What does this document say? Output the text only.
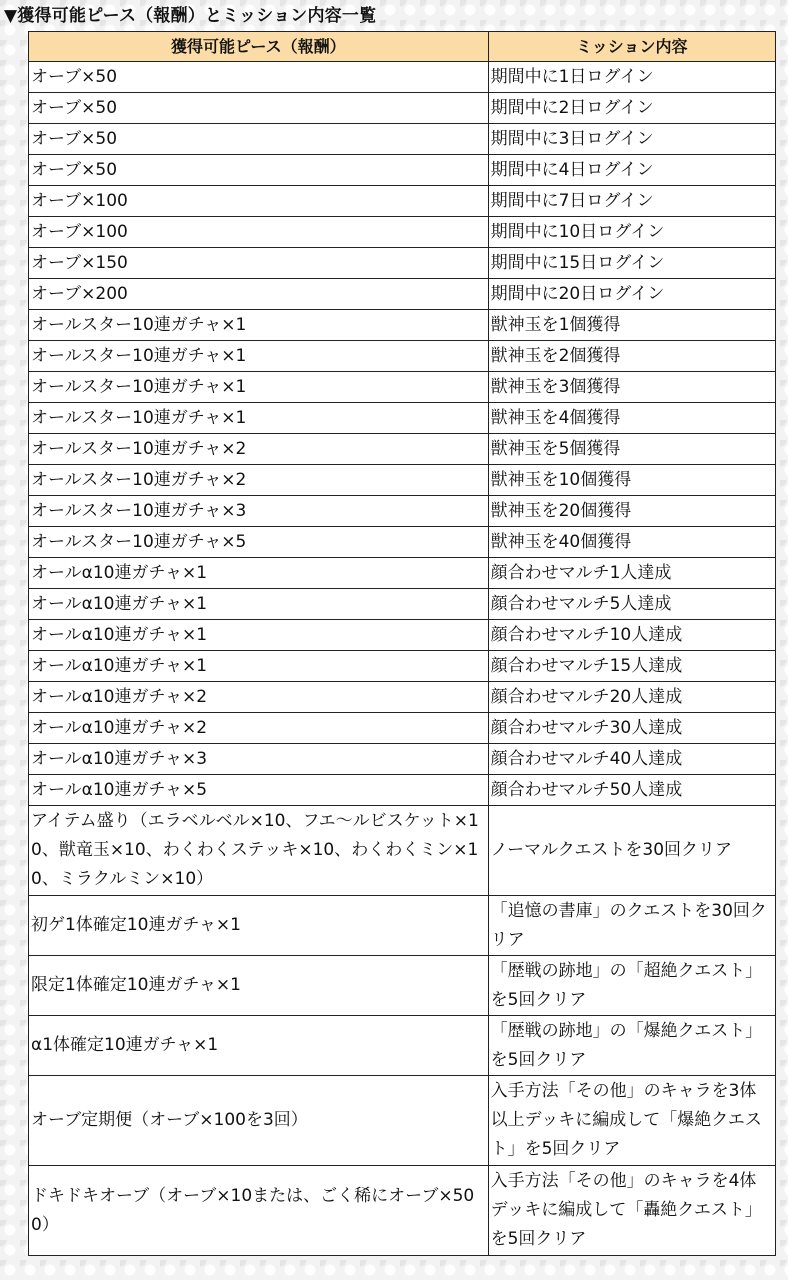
▼獲得可能ピース（報酬）とミッション内容一覧
獲得可能ピース（報酬）	ミッション内容
オーブ×50	期間中に1日ログイン
オーブ×50	期間中に2日ログイン
オーブ×50	期間中に3日ログイン
オーブ×50	期間中に4日ログイン
オーブ×100	期間中に7日ログイン
オーブ×100	期間中に10日ログイン
オーブ×150	期間中に15日ログイン
オーブ×200	期間中に20日ログイン
オールスター10連ガチャ×1	獣神玉を1個獲得
オールスター10連ガチャ×1	獣神玉を2個獲得
オールスター10連ガチャ×1	獣神玉を3個獲得
オールスター10連ガチャ×1	獣神玉を4個獲得
オールスター10連ガチャ×2	獣神玉を5個獲得
オールスター10連ガチャ×2	獣神玉を10個獲得
オールスター10連ガチャ×3	獣神玉を20個獲得
オールスター10連ガチャ×5	獣神玉を40個獲得
オールα10連ガチャ×1	顔合わせマルチ1人達成
オールα10連ガチャ×1	顔合わせマルチ5人達成
オールα10連ガチャ×1	顔合わせマルチ10人達成
オールα10連ガチャ×1	顔合わせマルチ15人達成
オールα10連ガチャ×2	顔合わせマルチ20人達成
オールα10連ガチャ×2	顔合わせマルチ30人達成
オールα10連ガチャ×3	顔合わせマルチ40人達成
オールα10連ガチャ×5	顔合わせマルチ50人達成
アイテム盛り（エラベルベル×10、フエ〜ルビスケット×10、獣竜玉×10、わくわくステッキ×10、わくわくミン×10、ミラクルミン×10）	ノーマルクエストを30回クリア
初ゲ1体確定10連ガチャ×1	「追憶の書庫」のクエストを30回クリア
限定1体確定10連ガチャ×1	「歴戦の跡地」の「超絶クエスト」を5回クリア
α1体確定10連ガチャ×1	「歴戦の跡地」の「爆絶クエスト」を5回クリア
オーブ定期便（オーブ×100を3回）	入手方法「その他」のキャラを3体以上デッキに編成して「爆絶クエスト」を5回クリア
ドキドキオーブ（オーブ×10または、ごく稀にオーブ×500）	入手方法「その他」のキャラを4体デッキに編成して「轟絶クエスト」を5回クリア
